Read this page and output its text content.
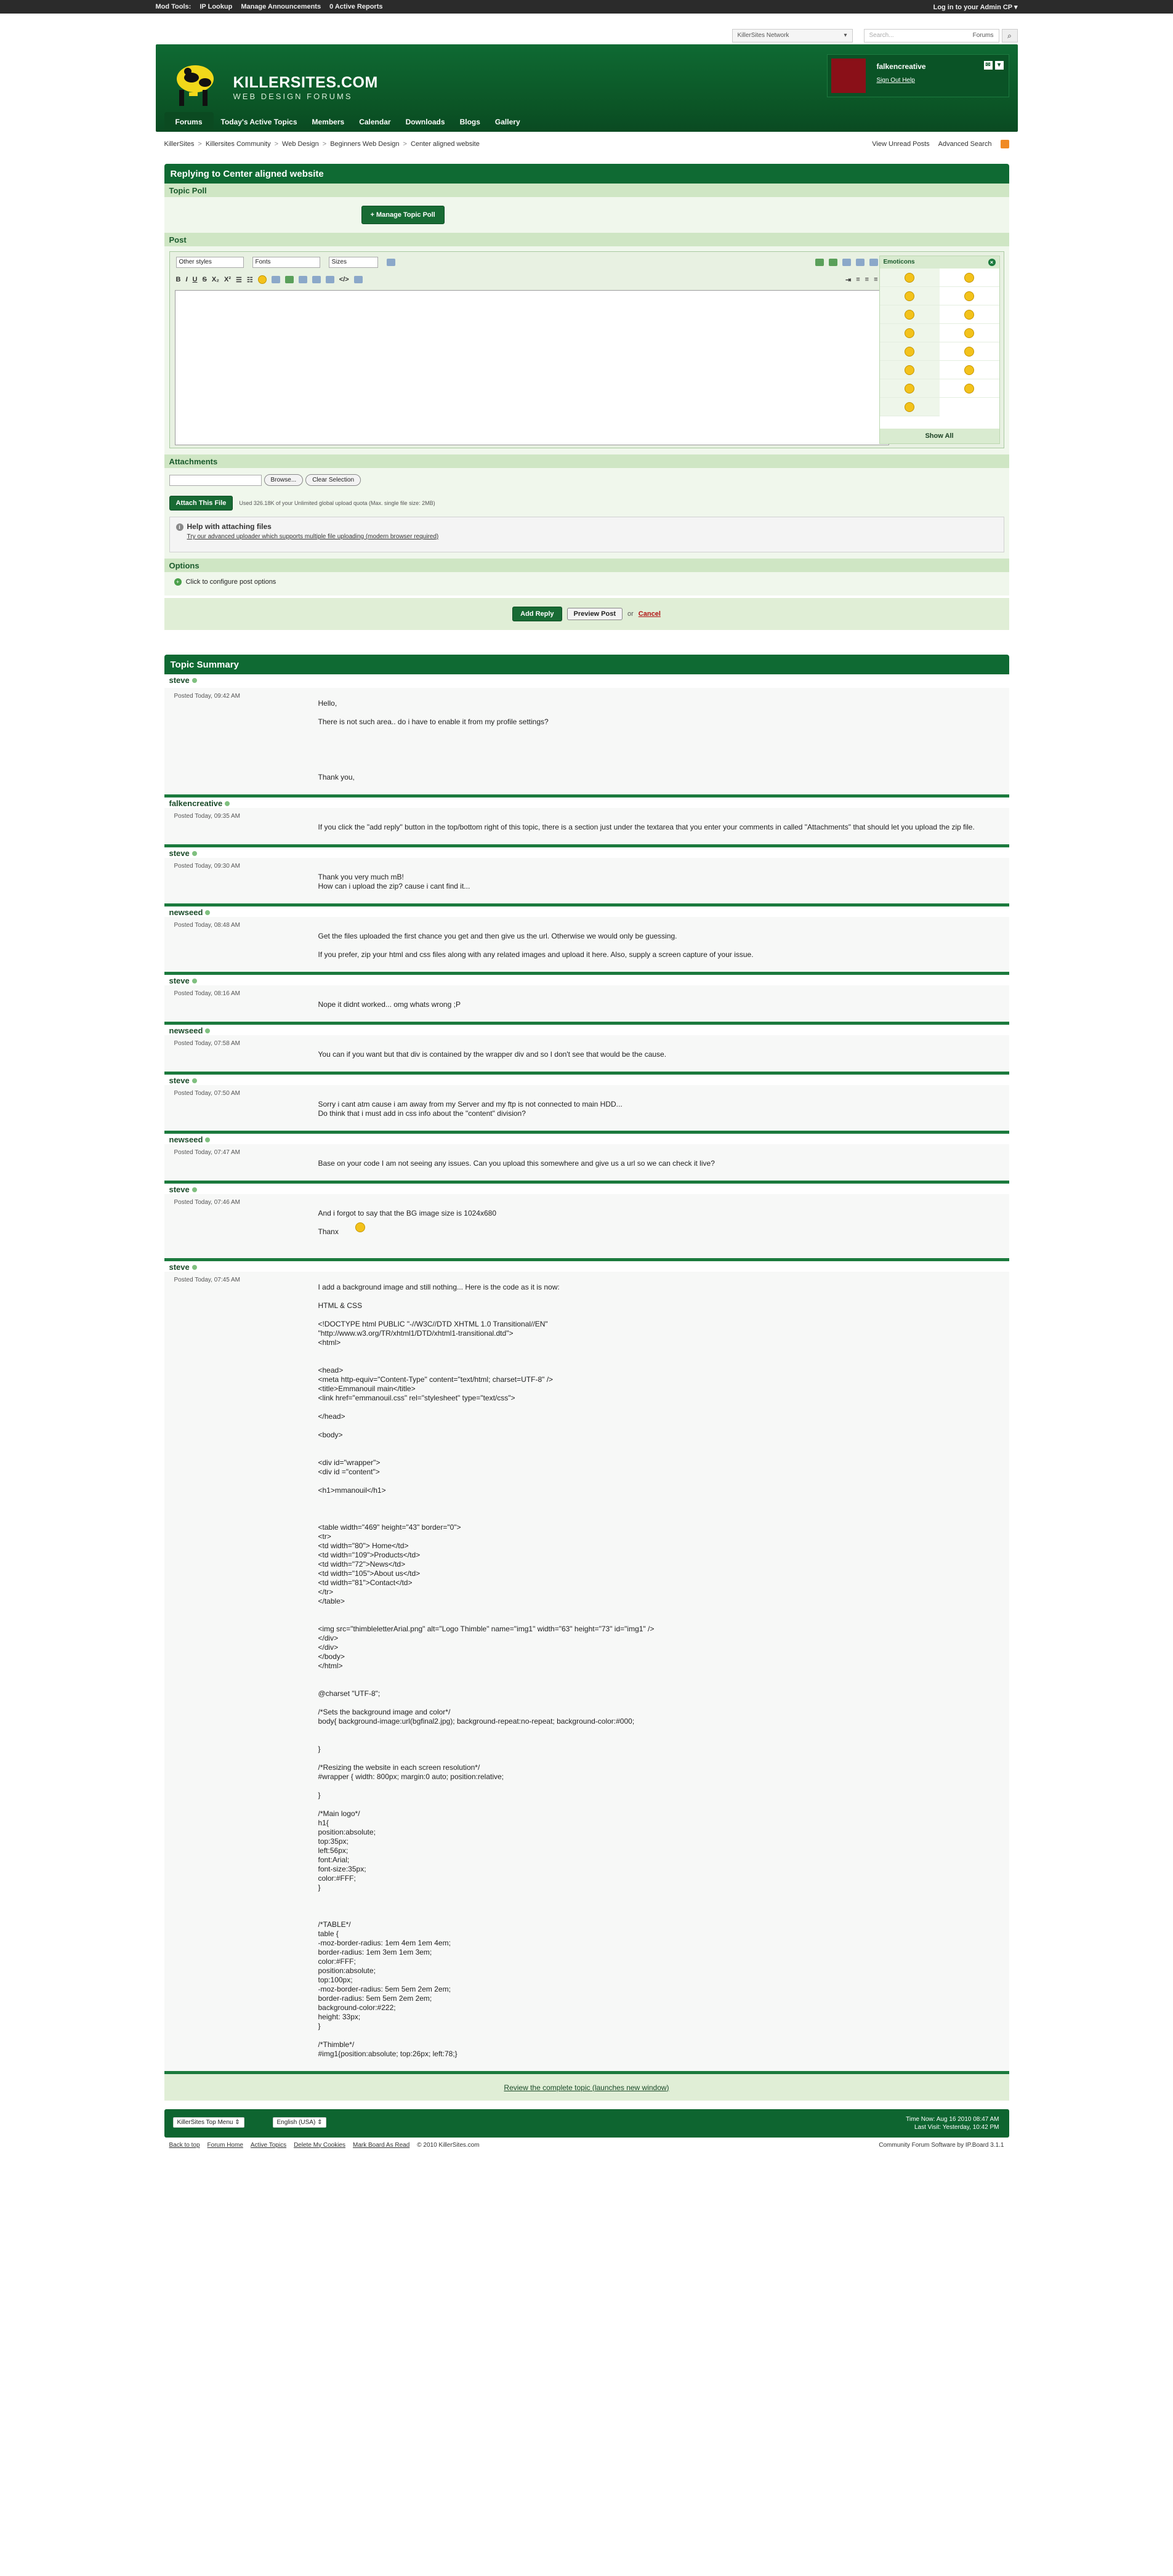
Mod Tools: IP Lookup Manage Announcements 0 Active Reports	Log in to your Admin CP ▾
KillerSites Network	▾	Search...	Forums	⌕
KILLERSITES.COM
WEB DESIGN FORUMS
falkencreative
Sign Out Help
✉	▾
Forums	Today's Active Topics	Members	Calendar	Downloads	Blogs	Gallery
KillerSites > Killersites Community > Web Design > Beginners Web Design > Center aligned website	View Unread Posts Advanced Search
Replying to Center aligned website
Topic Poll
+ Manage Topic Poll
Post
Other styles	Fonts	Sizes
B I U S X₂ X² ☰ ☷	</>	⇥ ≡ ≡ ≡
Emoticons	×
Show All
Attachments
Browse...	Clear Selection
Attach This File	Used 326.18K of your Unlimited global upload quota (Max. single file size: 2MB)
i Help with attaching files
Try our advanced uploader which supports multiple file uploading (modern browser required)
Options
+ Click to configure post options
Add Reply	Preview Post	or Cancel
Topic Summary
steve
Posted Today, 09:42 AM

Hello,

There is not such area.. do i have to enable it from my profile settings?

Thank you,

falkencreative
Posted Today, 09:35 AM

If you click the "add reply" button in the top/bottom right of this topic, there is a section just under the textarea that you enter your comments in called "Attachments" that should let you upload the zip file.

steve
Posted Today, 09:30 AM

Thank you very much mB!
How can i upload the zip? cause i cant find it...

newseed
Posted Today, 08:48 AM

Get the files uploaded the first chance you get and then give us the url. Otherwise we would only be guessing.

If you prefer, zip your html and css files along with any related images and upload it here. Also, supply a screen capture of your issue.

steve
Posted Today, 08:16 AM

Nope it didnt worked... omg whats wrong ;P

newseed
Posted Today, 07:58 AM

You can if you want but that div is contained by the wrapper div and so I don't see that would be the cause.

steve
Posted Today, 07:50 AM

Sorry i cant atm cause i am away from my Server and my ftp is not connected to main HDD...
Do think that i must add in css info about the "content" division?

newseed
Posted Today, 07:47 AM

Base on your code I am not seeing any issues. Can you upload this somewhere and give us a url so we can check it live?

steve
Posted Today, 07:46 AM

And i forgot to say that the BG image size is 1024x680

Thanx

steve
Posted Today, 07:45 AM

I add a background image and still nothing... Here is the code as it is now:

HTML & CSS

<!DOCTYPE html PUBLIC "-//W3C//DTD XHTML 1.0 Transitional//EN"
"http://www.w3.org/TR/xhtml1/DTD/xhtml1-transitional.dtd">
<html>

<head>
<meta http-equiv="Content-Type" content="text/html; charset=UTF-8" />
<title>Emmanouil main</title>
<link href="emmanouil.css" rel="stylesheet" type="text/css">

</head>

<body>

<div id="wrapper">
<div id ="content">

<h1>mmanouil</h1>

<table width="469" height="43" border="0">
<tr>
<td width="80"> Home</td>
<td width="109">Products</td>
<td width="72">News</td>
<td width="105">About us</td>
<td width="81">Contact</td>
</tr>
</table>

<img src="thimbleletterArial.png" alt="Logo Thimble" name="img1" width="63" height="73" id="img1" />
</div>
</div>
</body>
</html>

@charset "UTF-8";

/*Sets the background image and color*/
body{ background-image:url(bgfinal2.jpg); background-repeat:no-repeat; background-color:#000;

}

/*Resizing the website in each screen resolution*/
#wrapper { width: 800px; margin:0 auto; position:relative;

}

/*Main logo*/
h1{
position:absolute;
top:35px;
left:56px;
font:Arial;
font-size:35px;
color:#FFF;
}

/*TABLE*/
table {
-moz-border-radius: 1em 4em 1em 4em;
border-radius: 1em 3em 1em 3em;
color:#FFF;
position:absolute;
top:100px;
-moz-border-radius: 5em 5em 2em 2em;
border-radius: 5em 5em 2em 2em;
background-color:#222;
height: 33px;
}

/*Thimble*/
#img1{position:absolute; top:26px; left:78;}

Review the complete topic (launches new window)
KillerSites Top Menu ⇕	English (USA) ⇕	Time Now: Aug 16 2010 08:47 AM
Last Visit: Yesterday, 10:42 PM
Back to top Forum Home Active Topics Delete My Cookies Mark Board As Read © 2010 KillerSites.com	Community Forum Software by IP.Board 3.1.1
